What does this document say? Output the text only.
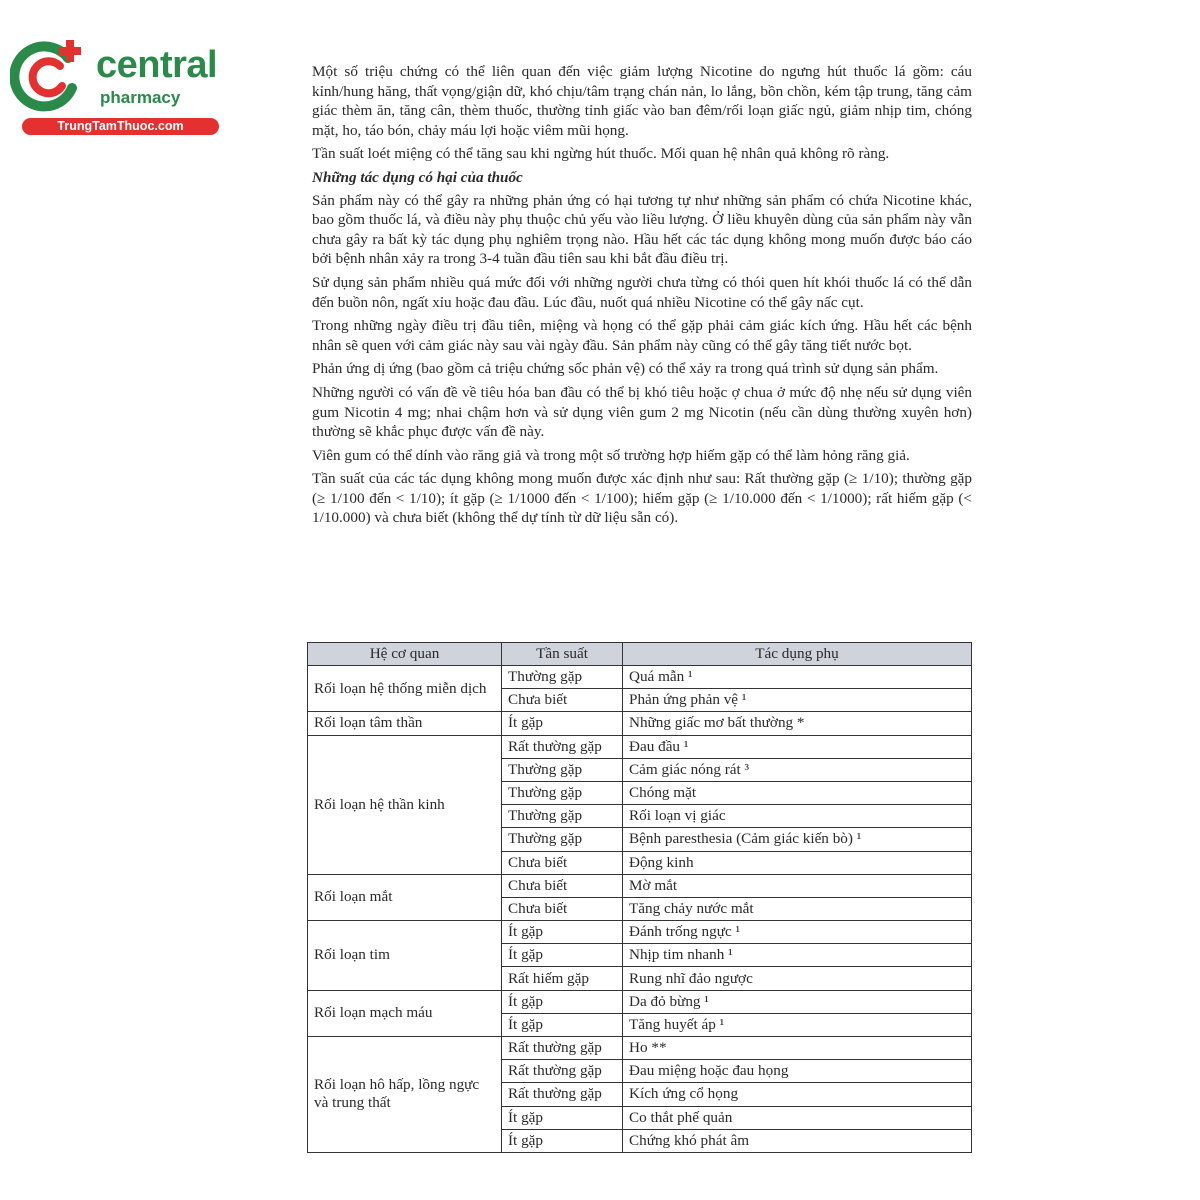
central
pharmacy
TrungTamThuoc.com

Một số triệu chứng có thể liên quan đến việc giảm lượng Nicotine do ngưng hút thuốc lá gồm: cáu kỉnh/hung hăng, thất vọng/giận dữ, khó chịu/tâm trạng chán nản, lo lắng, bồn chồn, kém tập trung, tăng cảm giác thèm ăn, tăng cân, thèm thuốc, thường tỉnh giấc vào ban đêm/rối loạn giấc ngủ, giảm nhịp tim, chóng mặt, ho, táo bón, chảy máu lợi hoặc viêm mũi họng.

Tần suất loét miệng có thể tăng sau khi ngừng hút thuốc. Mối quan hệ nhân quả không rõ ràng.

Những tác dụng có hại của thuốc

Sản phẩm này có thể gây ra những phản ứng có hại tương tự như những sản phẩm có chứa Nicotine khác, bao gồm thuốc lá, và điều này phụ thuộc chủ yếu vào liều lượng. Ở liều khuyên dùng của sản phẩm này vẫn chưa gây ra bất kỳ tác dụng phụ nghiêm trọng nào. Hầu hết các tác dụng không mong muốn được báo cáo bởi bệnh nhân xảy ra trong 3-4 tuần đầu tiên sau khi bắt đầu điều trị.

Sử dụng sản phẩm nhiều quá mức đối với những người chưa từng có thói quen hít khói thuốc lá có thể dẫn đến buồn nôn, ngất xỉu hoặc đau đầu. Lúc đầu, nuốt quá nhiều Nicotine có thể gây nấc cụt.

Trong những ngày điều trị đầu tiên, miệng và họng có thể gặp phải cảm giác kích ứng. Hầu hết các bệnh nhân sẽ quen với cảm giác này sau vài ngày đầu. Sản phẩm này cũng có thể gây tăng tiết nước bọt.

Phản ứng dị ứng (bao gồm cả triệu chứng sốc phản vệ) có thể xảy ra trong quá trình sử dụng sản phẩm.

Những người có vấn đề về tiêu hóa ban đầu có thể bị khó tiêu hoặc ợ chua ở mức độ nhẹ nếu sử dụng viên gum Nicotin 4 mg; nhai chậm hơn và sử dụng viên gum 2 mg Nicotin (nếu cần dùng thường xuyên hơn) thường sẽ khắc phục được vấn đề này.

Viên gum có thể dính vào răng giả và trong một số trường hợp hiếm gặp có thể làm hỏng răng giả.

Tần suất của các tác dụng không mong muốn được xác định như sau: Rất thường gặp (≥ 1/10); thường gặp (≥ 1/100 đến < 1/10); ít gặp (≥ 1/1000 đến < 1/100); hiếm gặp (≥ 1/10.000 đến < 1/1000); rất hiếm gặp (< 1/10.000) và chưa biết (không thể dự tính từ dữ liệu sẵn có).

Hệ cơ quan	Tần suất	Tác dụng phụ
Rối loạn hệ thống miễn dịch	Thường gặp	Quá mẫn ¹
	Chưa biết	Phản ứng phản vệ ¹
Rối loạn tâm thần	Ít gặp	Những giấc mơ bất thường *
Rối loạn hệ thần kinh	Rất thường gặp	Đau đầu ¹
	Thường gặp	Cảm giác nóng rát ³
	Thường gặp	Chóng mặt
	Thường gặp	Rối loạn vị giác
	Thường gặp	Bệnh paresthesia (Cảm giác kiến bò) ¹
	Chưa biết	Động kinh
Rối loạn mắt	Chưa biết	Mờ mắt
	Chưa biết	Tăng chảy nước mắt
Rối loạn tim	Ít gặp	Đánh trống ngực ¹
	Ít gặp	Nhịp tim nhanh ¹
	Rất hiếm gặp	Rung nhĩ đảo ngược
Rối loạn mạch máu	Ít gặp	Da đỏ bừng ¹
	Ít gặp	Tăng huyết áp ¹
Rối loạn hô hấp, lồng ngực và trung thất	Rất thường gặp	Ho **
	Rất thường gặp	Đau miệng hoặc đau họng
	Rất thường gặp	Kích ứng cổ họng
	Ít gặp	Co thắt phế quản
	Ít gặp	Chứng khó phát âm
